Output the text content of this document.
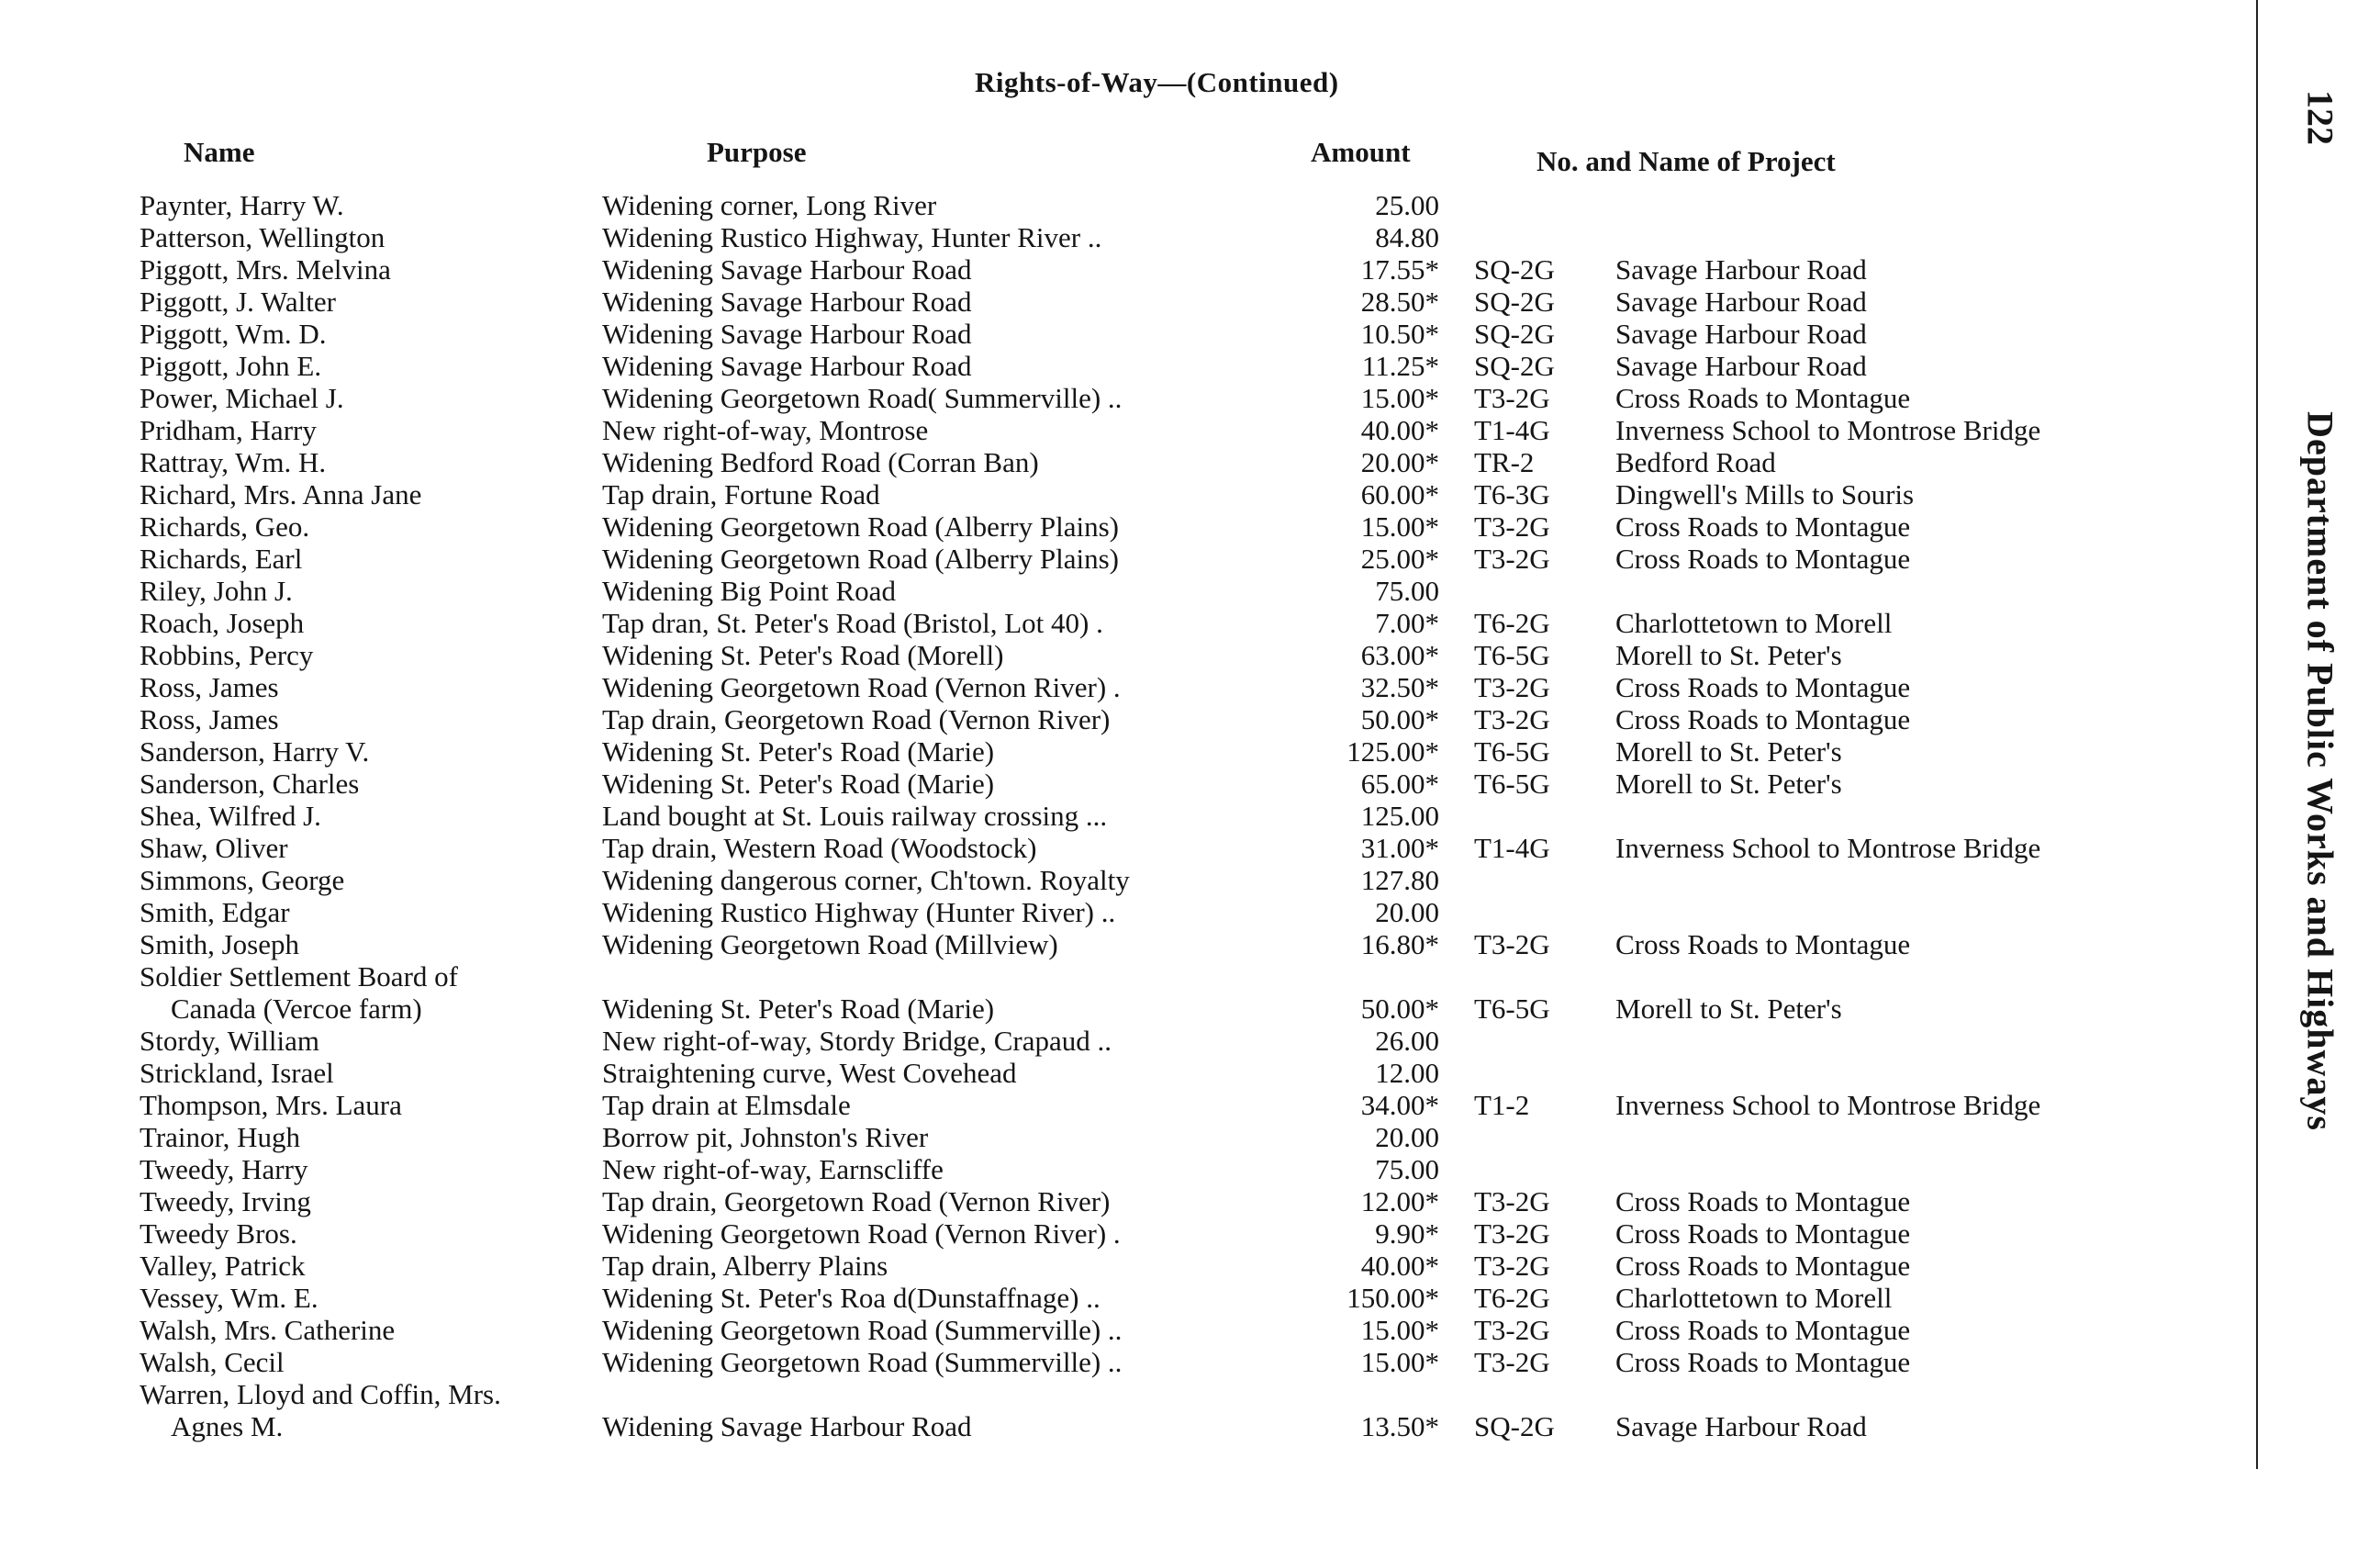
Rights-of-Way—(Continued)
Name	Purpose	Amount	No. and Name of Project
122
Department of Public Works and Highways
Paynter, Harry W.	Widening corner, Long River	25.00
Patterson, Wellington	Widening Rustico Highway, Hunter River ..	84.80
Piggott, Mrs. Melvina	Widening Savage Harbour Road	17.55* SQ-2G	Savage Harbour Road
Piggott, J. Walter	Widening Savage Harbour Road	28.50* SQ-2G	Savage Harbour Road
Piggott, Wm. D.	Widening Savage Harbour Road	10.50* SQ-2G	Savage Harbour Road
Piggott, John E.	Widening Savage Harbour Road	11.25* SQ-2G	Savage Harbour Road
Power, Michael J.	Widening Georgetown Road( Summerville) ..	15.00* T3-2G	Cross Roads to Montague
Pridham, Harry	New right-of-way, Montrose	40.00* T1-4G	Inverness School to Montrose Bridge
Rattray, Wm. H.	Widening Bedford Road (Corran Ban)	20.00* TR-2	Bedford Road
Richard, Mrs. Anna Jane	Tap drain, Fortune Road	60.00* T6-3G	Dingwell's Mills to Souris
Richards, Geo.	Widening Georgetown Road (Alberry Plains)	15.00* T3-2G	Cross Roads to Montague
Richards, Earl	Widening Georgetown Road (Alberry Plains)	25.00* T3-2G	Cross Roads to Montague
Riley, John J.	Widening Big Point Road	75.00
Roach, Joseph	Tap dran, St. Peter's Road (Bristol, Lot 40) .	7.00* T6-2G	Charlottetown to Morell
Robbins, Percy	Widening St. Peter's Road (Morell)	63.00* T6-5G	Morell to St. Peter's
Ross, James	Widening Georgetown Road (Vernon River) .	32.50* T3-2G	Cross Roads to Montague
Ross, James	Tap drain, Georgetown Road (Vernon River)	50.00* T3-2G	Cross Roads to Montague
Sanderson, Harry V.	Widening St. Peter's Road (Marie)	125.00* T6-5G	Morell to St. Peter's
Sanderson, Charles	Widening St. Peter's Road (Marie)	65.00* T6-5G	Morell to St. Peter's
Shea, Wilfred J.	Land bought at St. Louis railway crossing ...	125.00
Shaw, Oliver	Tap drain, Western Road (Woodstock)	31.00* T1-4G	Inverness School to Montrose Bridge
Simmons, George	Widening dangerous corner, Ch'town. Royalty	127.80
Smith, Edgar	Widening Rustico Highway (Hunter River) ..	20.00
Smith, Joseph	Widening Georgetown Road (Millview)	16.80* T3-2G	Cross Roads to Montague
Soldier Settlement Board of
Canada (Vercoe farm)	Widening St. Peter's Road (Marie)	50.00* T6-5G	Morell to St. Peter's
Stordy, William	New right-of-way, Stordy Bridge, Crapaud ..	26.00
Strickland, Israel	Straightening curve, West Covehead	12.00
Thompson, Mrs. Laura	Tap drain at Elmsdale	34.00* T1-2	Inverness School to Montrose Bridge
Trainor, Hugh	Borrow pit, Johnston's River	20.00
Tweedy, Harry	New right-of-way, Earnscliffe	75.00
Tweedy, Irving	Tap drain, Georgetown Road (Vernon River)	12.00* T3-2G	Cross Roads to Montague
Tweedy Bros.	Widening Georgetown Road (Vernon River) .	9.90* T3-2G	Cross Roads to Montague
Valley, Patrick	Tap drain, Alberry Plains	40.00* T3-2G	Cross Roads to Montague
Vessey, Wm. E.	Widening St. Peter's Roa d(Dunstaffnage) ..	150.00* T6-2G	Charlottetown to Morell
Walsh, Mrs. Catherine	Widening Georgetown Road (Summerville) ..	15.00* T3-2G	Cross Roads to Montague
Walsh, Cecil	Widening Georgetown Road (Summerville) ..	15.00* T3-2G	Cross Roads to Montague
Warren, Lloyd and Coffin, Mrs.
Agnes M.	Widening Savage Harbour Road	13.50* SQ-2G	Savage Harbour Road
